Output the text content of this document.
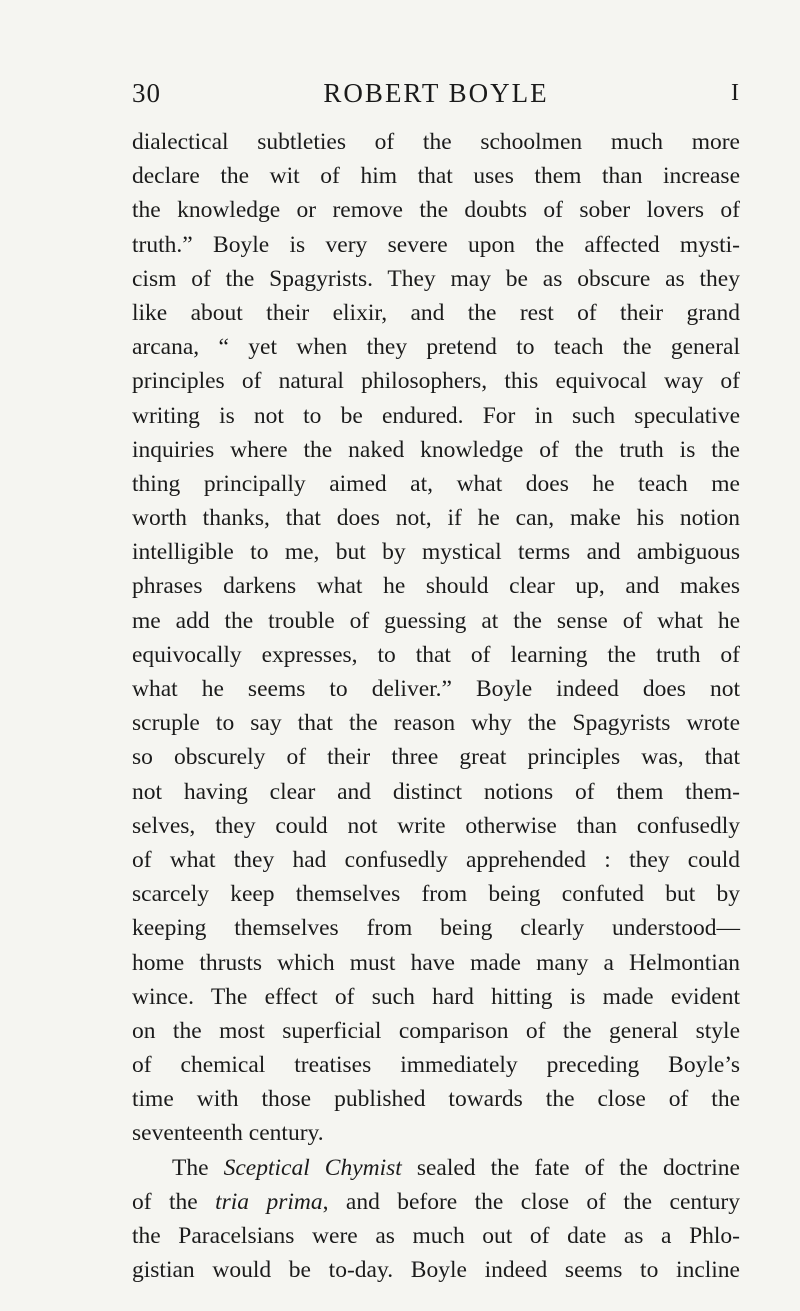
30	ROBERT BOYLE	I
dialectical subtleties of the schoolmen much more
declare the wit of him that uses them than increase
the knowledge or remove the doubts of sober lovers of
truth.” Boyle is very severe upon the affected mysti-
cism of the Spagyrists. They may be as obscure as they
like about their elixir, and the rest of their grand
arcana, “ yet when they pretend to teach the general
principles of natural philosophers, this equivocal way of
writing is not to be endured. For in such speculative
inquiries where the naked knowledge of the truth is the
thing principally aimed at, what does he teach me
worth thanks, that does not, if he can, make his notion
intelligible to me, but by mystical terms and ambiguous
phrases darkens what he should clear up, and makes
me add the trouble of guessing at the sense of what he
equivocally expresses, to that of learning the truth of
what he seems to deliver.” Boyle indeed does not
scruple to say that the reason why the Spagyrists wrote
so obscurely of their three great principles was, that
not having clear and distinct notions of them them-
selves, they could not write otherwise than confusedly
of what they had confusedly apprehended : they could
scarcely keep themselves from being confuted but by
keeping themselves from being clearly understood—
home thrusts which must have made many a Helmontian
wince. The effect of such hard hitting is made evident
on the most superficial comparison of the general style
of chemical treatises immediately preceding Boyle’s
time with those published towards the close of the
seventeenth century.
The Sceptical Chymist sealed the fate of the doctrine
of the tria prima, and before the close of the century
the Paracelsians were as much out of date as a Phlo-
gistian would be to-day. Boyle indeed seems to incline
